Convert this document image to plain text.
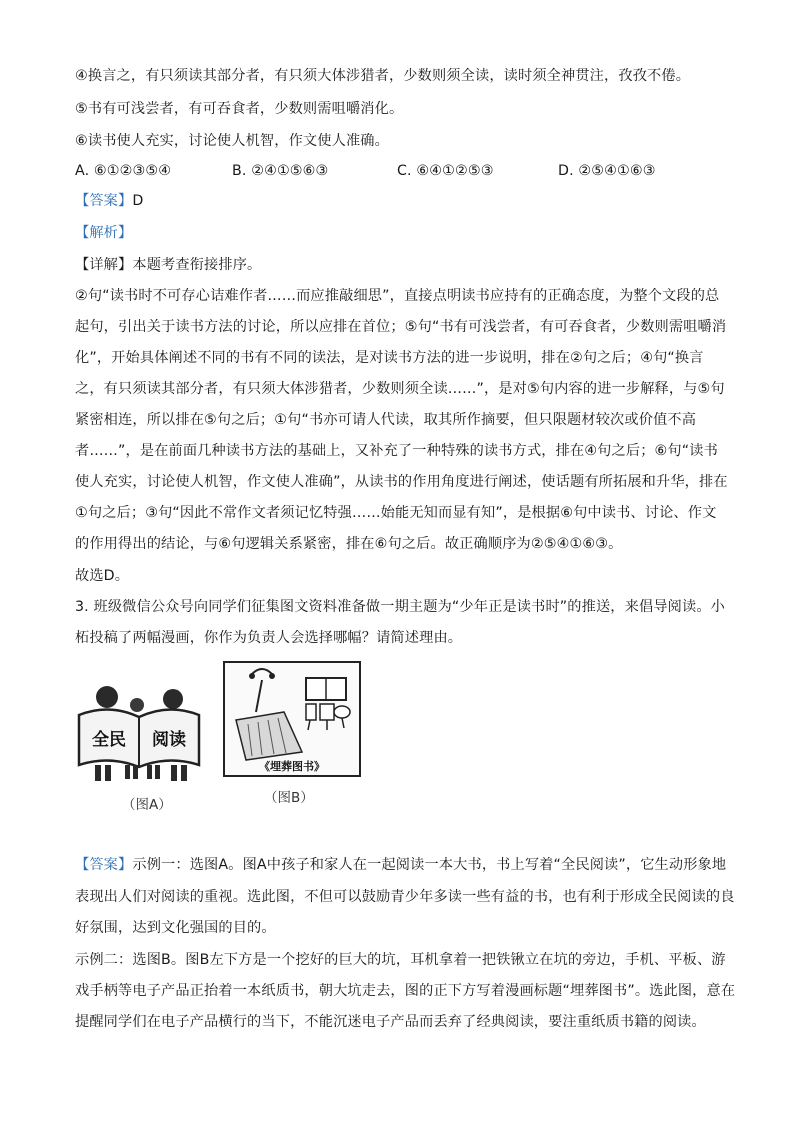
④换言之，有只须读其部分者，有只须大体涉猎者，少数则须全读，读时须全神贯注，孜孜不倦。
⑤书有可浅尝者，有可吞食者，少数则需咀嚼消化。
⑥读书使人充实，讨论使人机智，作文使人准确。
A. ⑥①②③⑤④	B. ②④①⑤⑥③	C. ⑥④①②⑤③	D. ②⑤④①⑥③
【答案】D
【解析】
【详解】本题考查衔接排序。
②句“读书时不可存心诘难作者……而应推敲细思”，直接点明读书应持有的正确态度，为整个文段的总
起句，引出关于读书方法的讨论，所以应排在首位；⑤句“书有可浅尝者，有可吞食者，少数则需咀嚼消
化”，开始具体阐述不同的书有不同的读法，是对读书方法的进一步说明，排在②句之后；④句“换言
之，有只须读其部分者，有只须大体涉猎者，少数则须全读……”，是对⑤句内容的进一步解释，与⑤句
紧密相连，所以排在⑤句之后；①句“书亦可请人代读，取其所作摘要，但只限题材较次或价值不高
者……”，是在前面几种读书方法的基础上，又补充了一种特殊的读书方式，排在④句之后；⑥句“读书
使人充实，讨论使人机智，作文使人准确”，从读书的作用角度进行阐述，使话题有所拓展和升华，排在
①句之后；③句“因此不常作文者须记忆特强……始能无知而显有知”，是根据⑥句中读书、讨论、作文
的作用得出的结论，与⑥句逻辑关系紧密，排在⑥句之后。故正确顺序为②⑤④①⑥③。
故选D。
3. 班级微信公众号向同学们征集图文资料准备做一期主题为“少年正是读书时”的推送，来倡导阅读。小
柘投稿了两幅漫画，你作为负责人会选择哪幅？请简述理由。
全民 阅读
（图A）
《埋葬图书》
（图B）
【答案】示例一：选图A。图A中孩子和家人在一起阅读一本大书，书上写着“全民阅读”，它生动形象地
表现出人们对阅读的重视。选此图，不但可以鼓励青少年多读一些有益的书，也有利于形成全民阅读的良
好氛围，达到文化强国的目的。
示例二：选图B。图B左下方是一个挖好的巨大的坑，耳机拿着一把铁锹立在坑的旁边，手机、平板、游
戏手柄等电子产品正抬着一本纸质书，朝大坑走去，图的正下方写着漫画标题“埋葬图书”。选此图，意在
提醒同学们在电子产品横行的当下，不能沉迷电子产品而丢弃了经典阅读，要注重纸质书籍的阅读。
